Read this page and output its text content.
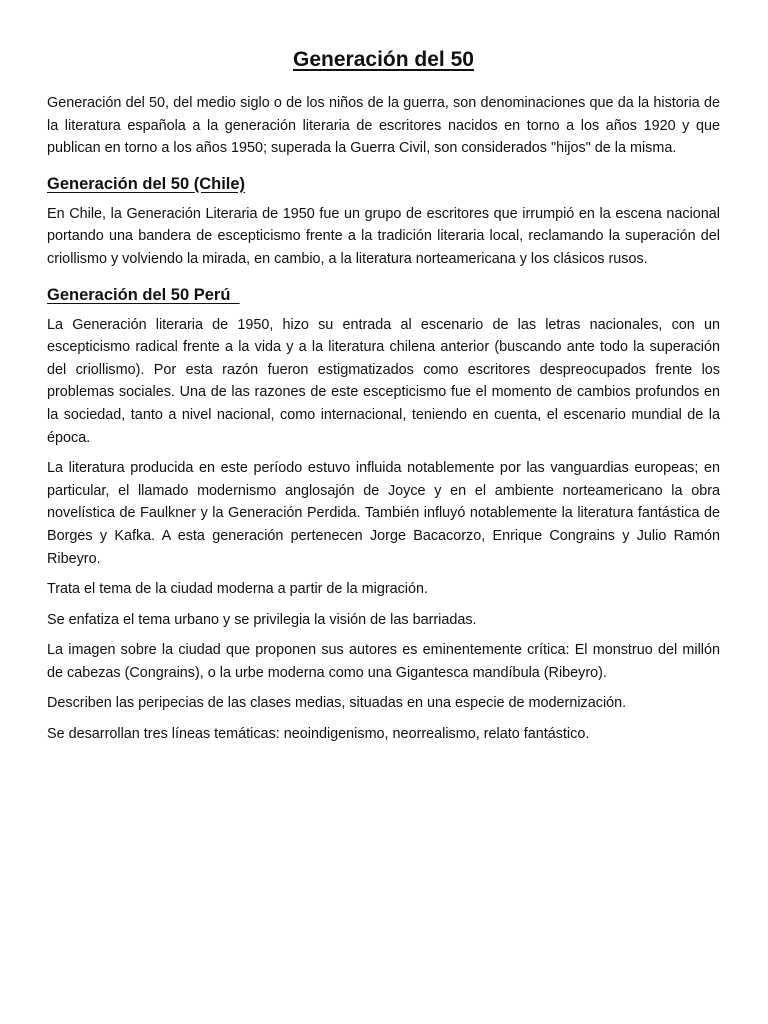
Generación del 50

Generación del 50, del medio siglo o de los niños de la guerra, son denominaciones que da la historia de la literatura española a la generación literaria de escritores nacidos en torno a los años 1920 y que publican en torno a los años 1950; superada la Guerra Civil, son considerados "hijos" de la misma.

Generación del 50 (Chile)

En Chile, la Generación Literaria de 1950 fue un grupo de escritores que irrumpió en la escena nacional portando una bandera de escepticismo frente a la tradición literaria local, reclamando la superación del criollismo y volviendo la mirada, en cambio, a la literatura norteamericana y los clásicos rusos.

Generación del 50 Perú

La Generación literaria de 1950, hizo su entrada al escenario de las letras nacionales, con un escepticismo radical frente a la vida y a la literatura chilena anterior (buscando ante todo la superación del criollismo). Por esta razón fueron estigmatizados como escritores despreocupados frente los problemas sociales. Una de las razones de este escepticismo fue el momento de cambios profundos en la sociedad, tanto a nivel nacional, como internacional, teniendo en cuenta, el escenario mundial de la época.

La literatura producida en este período estuvo influida notablemente por las vanguardias europeas; en particular, el llamado modernismo anglosajón de Joyce y en el ambiente norteamericano la obra novelística de Faulkner y la Generación Perdida. También influyó notablemente la literatura fantástica de Borges y Kafka. A esta generación pertenecen Jorge Bacacorzo, Enrique Congrains y Julio Ramón Ribeyro.

Trata el tema de la ciudad moderna a partir de la migración.

Se enfatiza el tema urbano y se privilegia la visión de las barriadas.

La imagen sobre la ciudad que proponen sus autores es eminentemente crítica: El monstruo del millón de cabezas (Congrains), o la urbe moderna como una Gigantesca mandíbula (Ribeyro).

Describen las peripecias de las clases medias, situadas en una especie de modernización.

Se desarrollan tres líneas temáticas: neoindigenismo, neorrealismo, relato fantástico.
